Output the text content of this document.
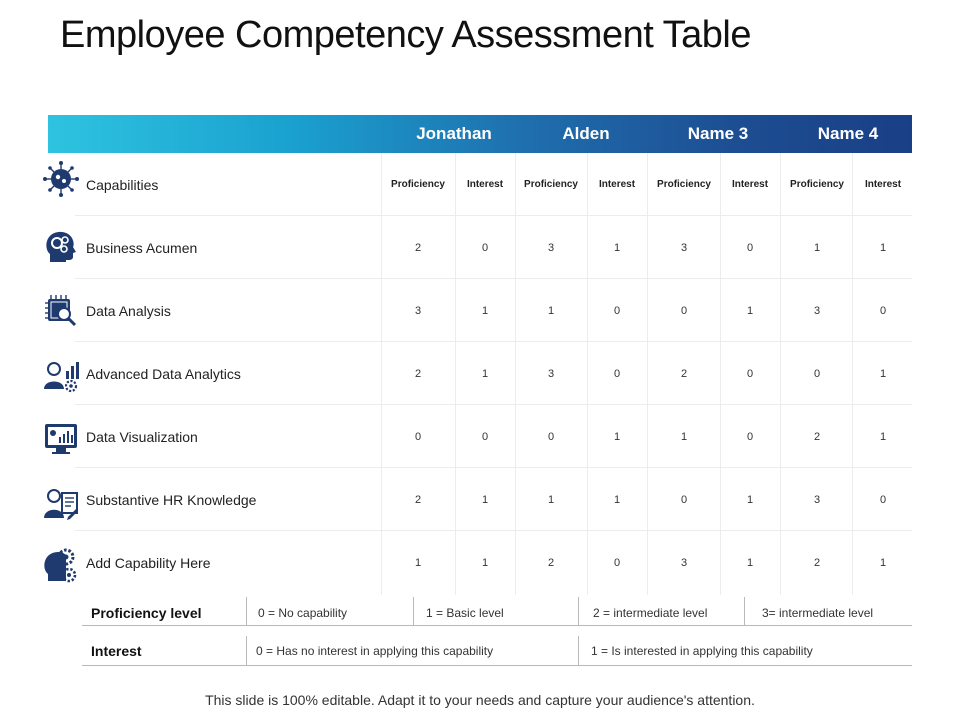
Employee Competency Assessment Table
Jonathan	Alden	Name 3	Name 4
Capabilities	Proficiency	Interest	Proficiency	Interest	Proficiency	Interest	Proficiency	Interest
Business Acumen	2	0	3	1	3	0	1	1
Data Analysis	3	1	1	0	0	1	3	0
Advanced Data Analytics	2	1	3	0	2	0	0	1
Data Visualization	0	0	0	1	1	0	2	1
Substantive HR Knowledge	2	1	1	1	0	1	3	0
Add Capability Here	1	1	2	0	3	1	2	1
Proficiency level	0 = No capability	1 = Basic level	2 = intermediate level	3= intermediate level
Interest	0 = Has no interest in applying this capability	1 = Is interested in applying this capability
This slide is 100% editable. Adapt it to your needs and capture your audience's attention.
